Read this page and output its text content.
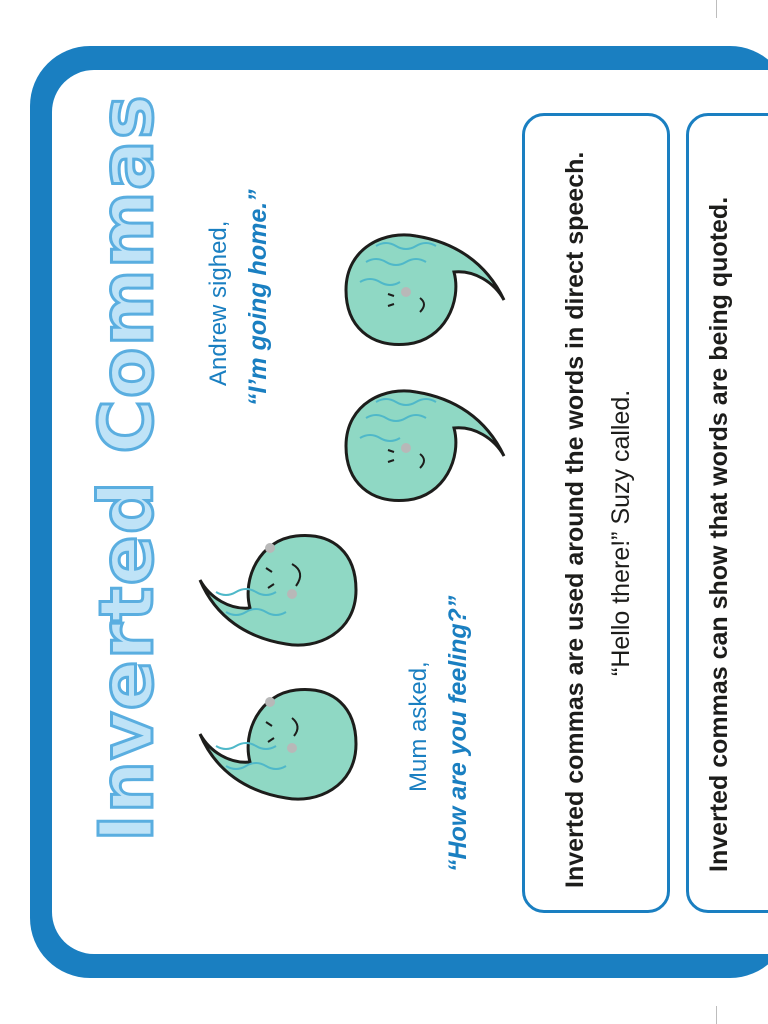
Inverted Commas Andrew sighed, “I’m going home.”
Mum asked, “How are you feeling?”	Inverted commas are used around the words in direct speech. “Hello there!” Suzy called.	Inverted commas can show that words are being quoted.
